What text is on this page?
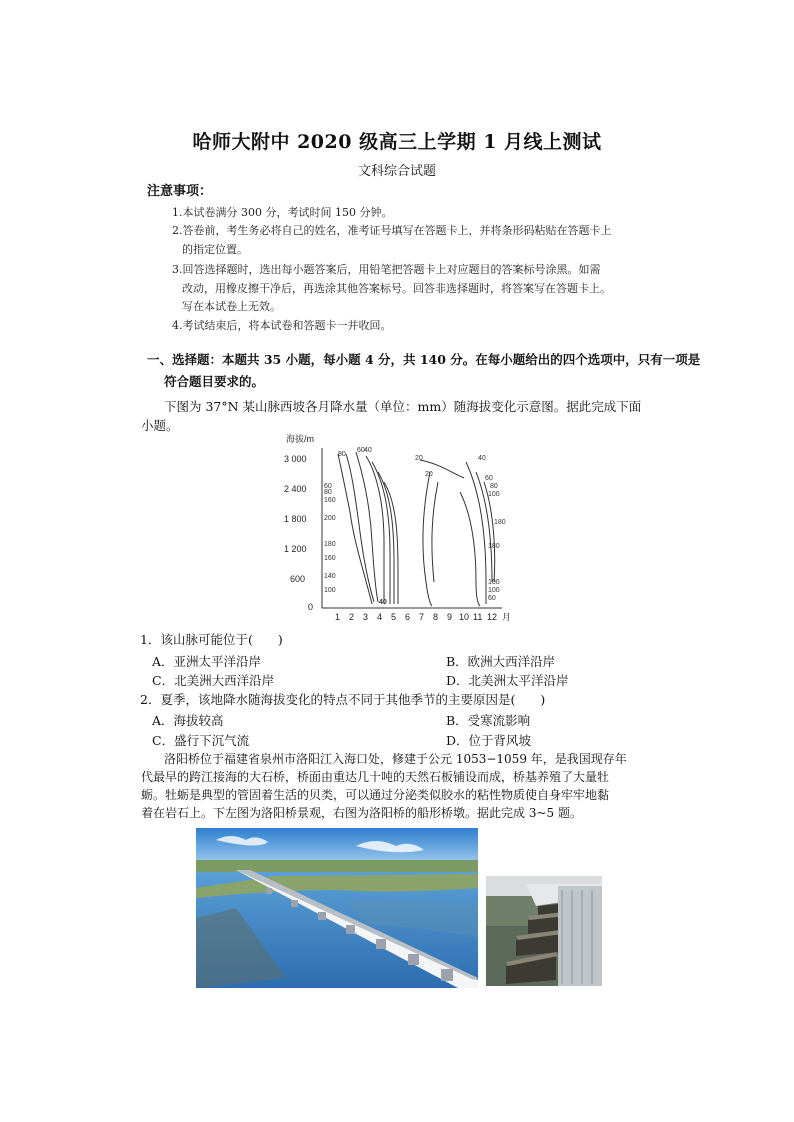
哈师大附中 2020 级高三上学期 1 月线上测试
文科综合试题
注意事项：
1.本试卷满分 300 分，考试时间 150 分钟。
2.答卷前，考生务必将自己的姓名，准考证号填写在答题卡上，并将条形码粘贴在答题卡上
的指定位置。
3.回答选择题时，选出每小题答案后，用铅笔把答题卡上对应题目的答案标号涂黑。如需
改动，用橡皮擦干净后，再选涂其他答案标号。回答非选择题时，将答案写在答题卡上。
写在本试卷上无效。
4.考试结束后，将本试卷和答题卡一并收回。
一、选择题：本题共 35 小题，每小题 4 分，共 140 分。在每小题给出的四个选项中，只有一项是
符合题目要求的。
下图为 37°N 某山脉西坡各月降水量（单位：mm）随海拔变化示意图。据此完成下面
小题。
海拔/m
3 000
2 400
1 800
1 200
600
0
1 2 3 4 5 6 7 8 9 10 11 12 月
80
60 40
20
20
40
60
80
100
160
180
200
180
160
140
100
40
60
80
100
180
100
60
1．该山脉可能位于(　　)
A．亚洲太平洋沿岸	B．欧洲大西洋沿岸
C．北美洲大西洋沿岸	D．北美洲太平洋沿岸
2．夏季，该地降水随海拔变化的特点不同于其他季节的主要原因是(　　)
A．海拔较高	B．受寒流影响
C．盛行下沉气流	D．位于背风坡
洛阳桥位于福建省泉州市洛阳江入海口处，修建于公元 1053−1059 年，是我国现存年
代最早的跨江接海的大石桥，桥面由重达几十吨的天然石板铺设而成，桥基养殖了大量牡
蛎。牡蛎是典型的管固着生活的贝类，可以通过分泌类似胶水的粘性物质使自身牢牢地黏
着在岩石上。下左图为洛阳桥景观，右图为洛阳桥的船形桥墩。据此完成 3~5 题。
